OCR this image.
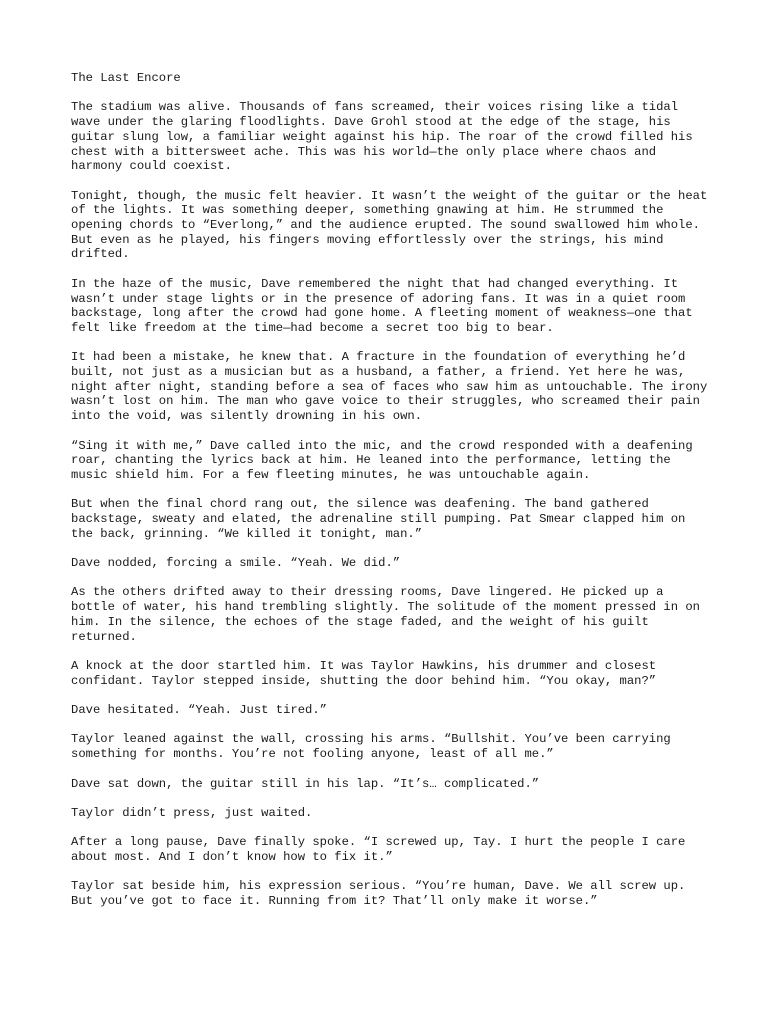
The Last Encore

The stadium was alive. Thousands of fans screamed, their voices rising like a tidal wave under the glaring floodlights. Dave Grohl stood at the edge of the stage, his guitar slung low, a familiar weight against his hip. The roar of the crowd filled his chest with a bittersweet ache. This was his world—the only place where chaos and harmony could coexist.

Tonight, though, the music felt heavier. It wasn’t the weight of the guitar or the heat of the lights. It was something deeper, something gnawing at him. He strummed the opening chords to “Everlong,” and the audience erupted. The sound swallowed him whole. But even as he played, his fingers moving effortlessly over the strings, his mind drifted.

In the haze of the music, Dave remembered the night that had changed everything. It wasn’t under stage lights or in the presence of adoring fans. It was in a quiet room backstage, long after the crowd had gone home. A fleeting moment of weakness—one that felt like freedom at the time—had become a secret too big to bear.

It had been a mistake, he knew that. A fracture in the foundation of everything he’d built, not just as a musician but as a husband, a father, a friend. Yet here he was, night after night, standing before a sea of faces who saw him as untouchable. The irony wasn’t lost on him. The man who gave voice to their struggles, who screamed their pain into the void, was silently drowning in his own.

“Sing it with me,” Dave called into the mic, and the crowd responded with a deafening roar, chanting the lyrics back at him. He leaned into the performance, letting the music shield him. For a few fleeting minutes, he was untouchable again.

But when the final chord rang out, the silence was deafening. The band gathered backstage, sweaty and elated, the adrenaline still pumping. Pat Smear clapped him on the back, grinning. “We killed it tonight, man.”

Dave nodded, forcing a smile. “Yeah. We did.”

As the others drifted away to their dressing rooms, Dave lingered. He picked up a bottle of water, his hand trembling slightly. The solitude of the moment pressed in on him. In the silence, the echoes of the stage faded, and the weight of his guilt returned.

A knock at the door startled him. It was Taylor Hawkins, his drummer and closest confidant. Taylor stepped inside, shutting the door behind him. “You okay, man?”

Dave hesitated. “Yeah. Just tired.”

Taylor leaned against the wall, crossing his arms. “Bullshit. You’ve been carrying something for months. You’re not fooling anyone, least of all me.”

Dave sat down, the guitar still in his lap. “It’s… complicated.”

Taylor didn’t press, just waited.

After a long pause, Dave finally spoke. “I screwed up, Tay. I hurt the people I care about most. And I don’t know how to fix it.”

Taylor sat beside him, his expression serious. “You’re human, Dave. We all screw up. But you’ve got to face it. Running from it? That’ll only make it worse.”
